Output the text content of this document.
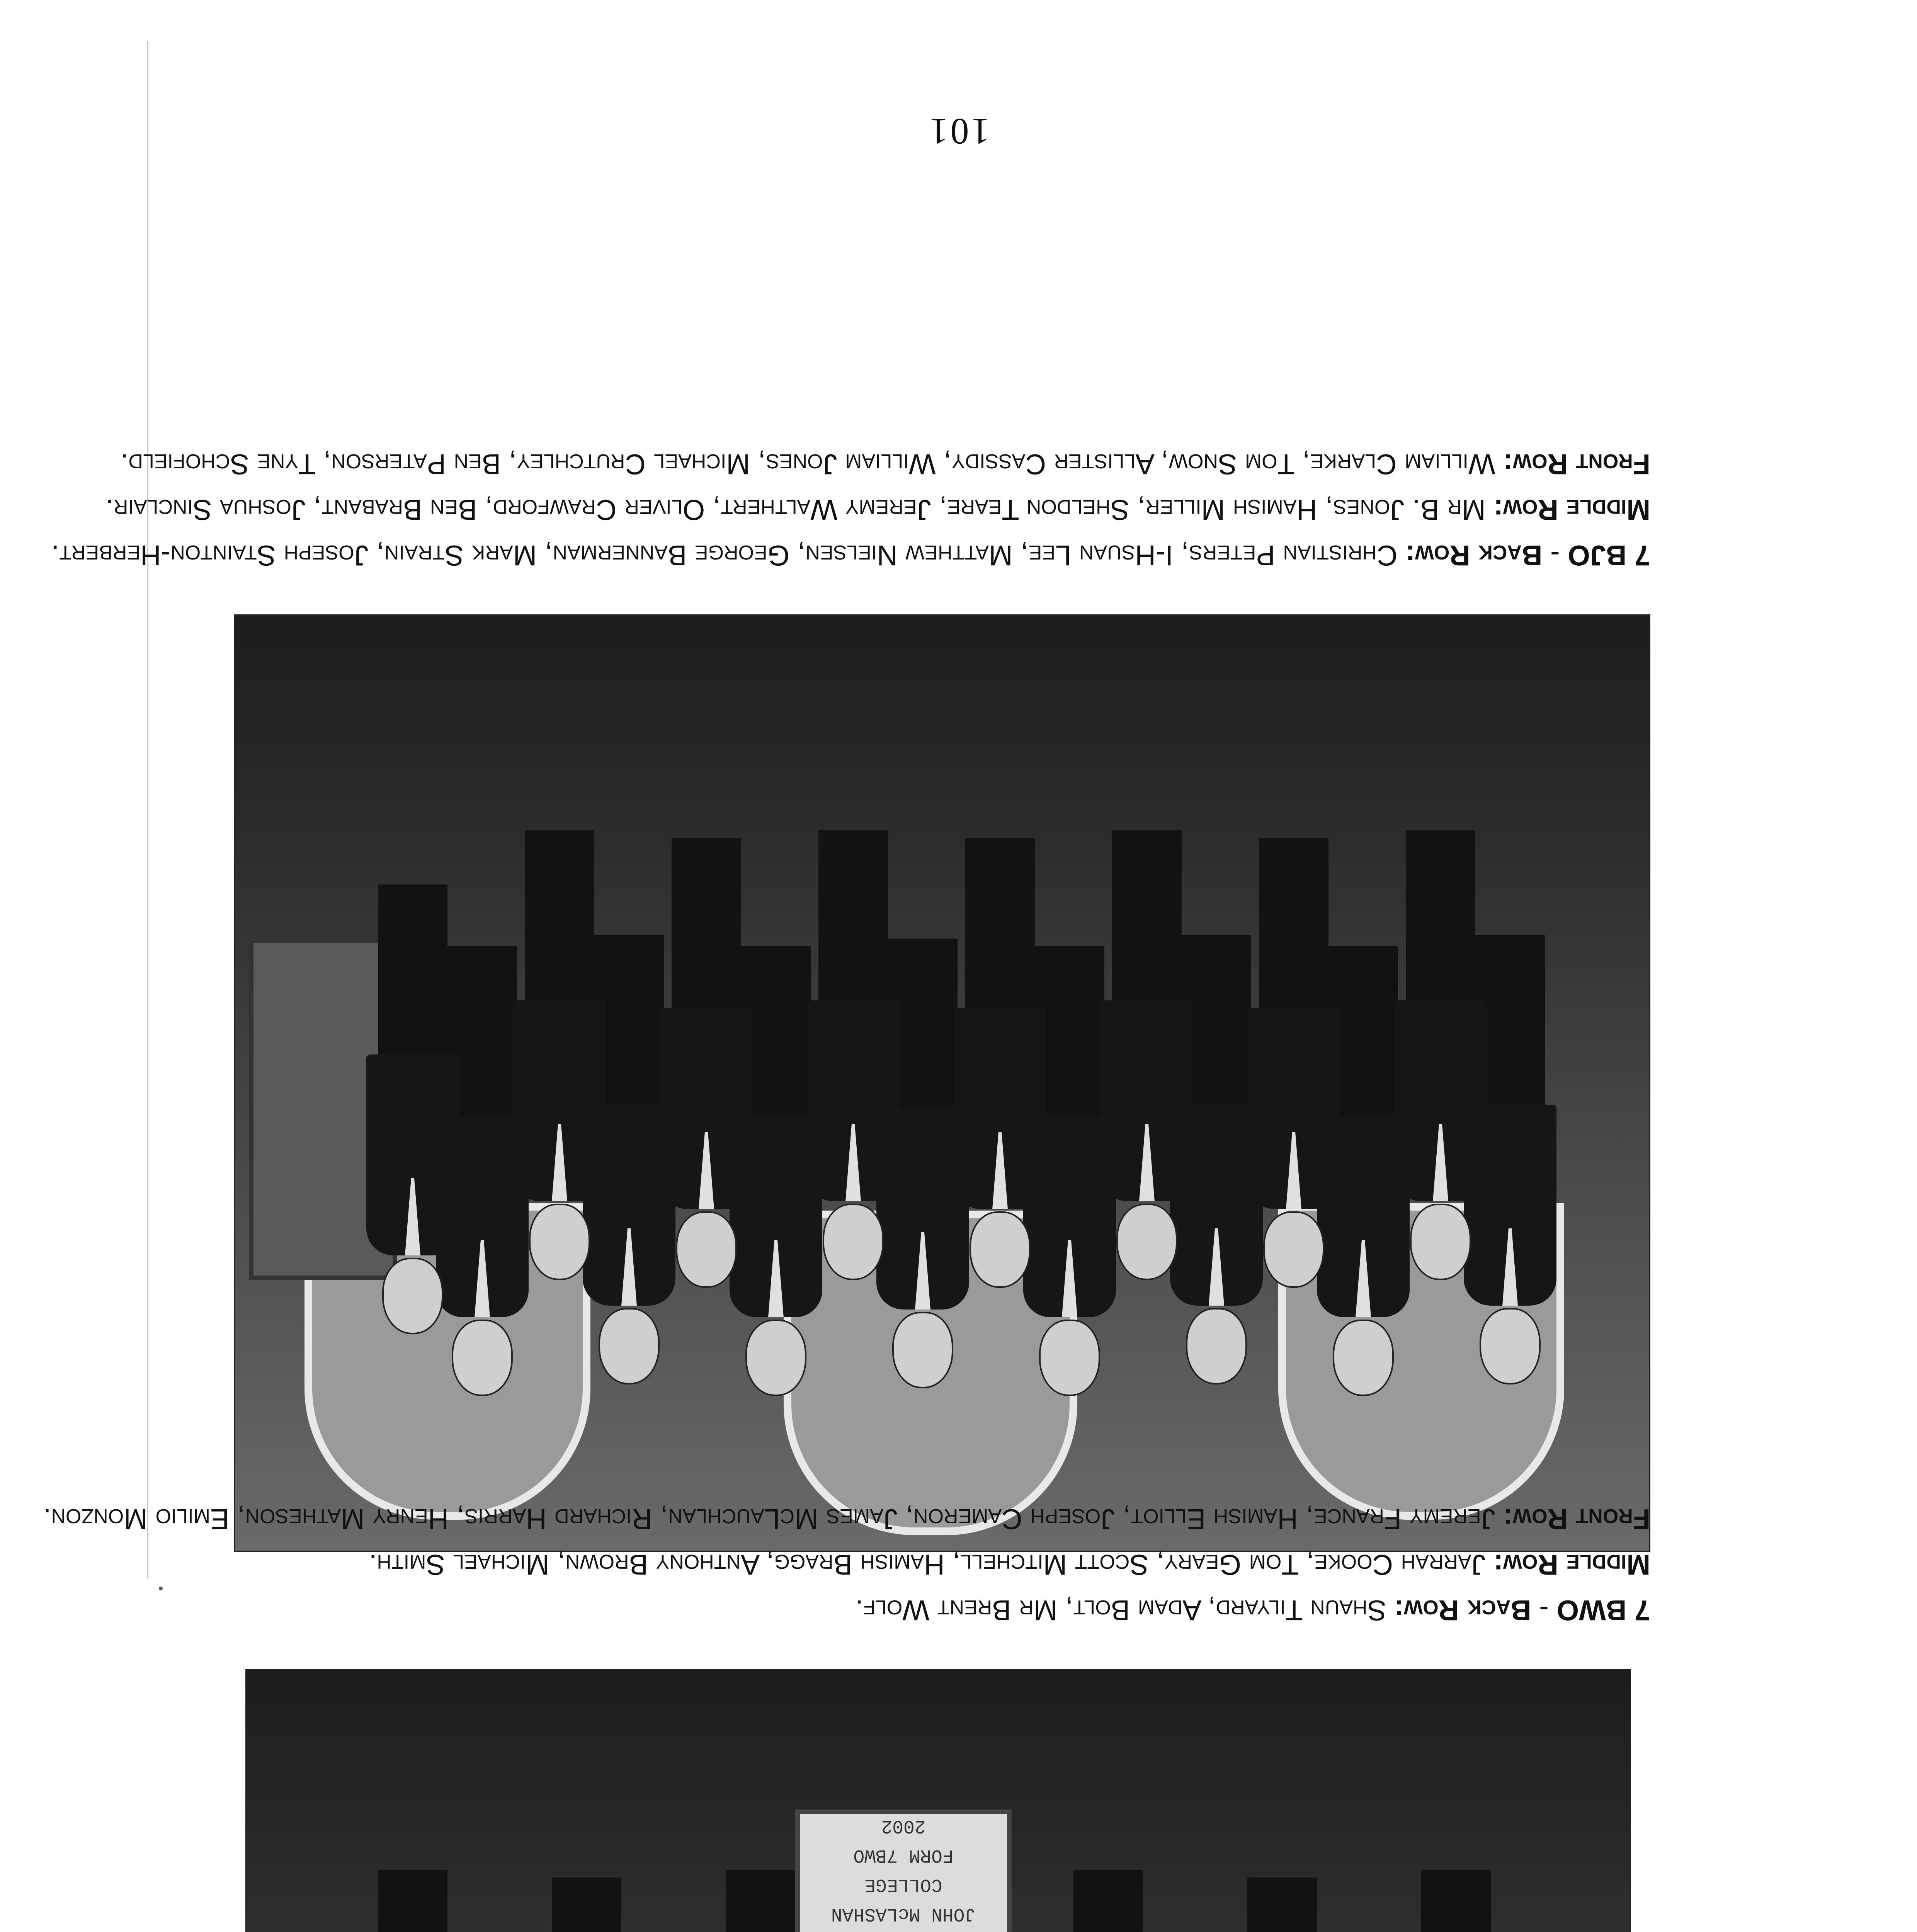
7 BJO - Back Row: Christian Peters, I-Hsuan Lee, Matthew Nielsen, George Bannerman, Mark Strain, Joseph Stainton-Herbert. Middle Row: Mr B. Jones, Hamish Miller, Sheldon Teare, Jeremy Walthert, Oliver Crawford, Ben Brabant, Joshua Sinclair. Front Row: William Clarke, Tom Snow, Allister Cassidy, William Jones, Michael Crutchley, Ben Paterson, Tyne Schofield.
JOHN McLASHAN
COLLEGE
FORM 7BWO
2002
7 BWO - Back Row: Shaun Tilyard, Adam Bolt, Mr Brent Wolf.
Middle Row: Jarrah Cooke, Tom Geary, Scott Mitchell, Hamish Bragg, Anthony Brown, Michael Smith.
Front Row: Jeremy France, Hamish Elliot, Joseph Cameron, James McLauchlan, Richard Harris, Henry Matheson, Emilio Monzon.
101
